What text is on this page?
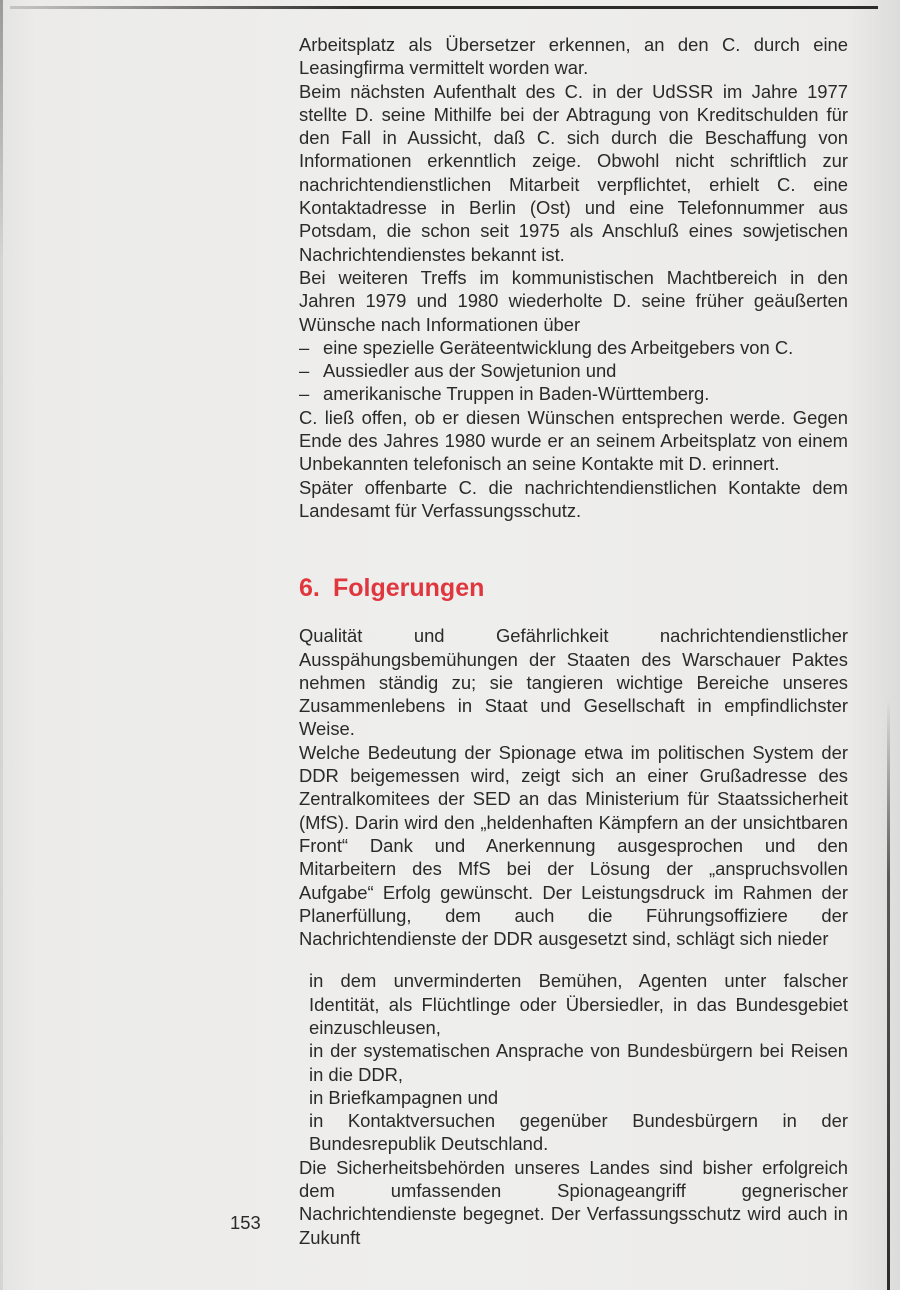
Arbeitsplatz als Übersetzer erkennen, an den C. durch eine Leasingfirma vermittelt worden war.

Beim nächsten Aufenthalt des C. in der UdSSR im Jahre 1977 stellte D. seine Mithilfe bei der Abtragung von Kreditschulden für den Fall in Aussicht, daß C. sich durch die Beschaffung von Informationen erkenntlich zeige. Obwohl nicht schriftlich zur nachrichtendienstlichen Mitarbeit verpflichtet, erhielt C. eine Kontaktadresse in Berlin (Ost) und eine Telefonnummer aus Potsdam, die schon seit 1975 als Anschluß eines sowjetischen Nachrichtendienstes bekannt ist.

Bei weiteren Treffs im kommunistischen Machtbereich in den Jahren 1979 und 1980 wiederholte D. seine früher geäußerten Wünsche nach Informationen über

– eine spezielle Geräteentwicklung des Arbeitgebers von C.
– Aussiedler aus der Sowjetunion und
– amerikanische Truppen in Baden-Württemberg.

C. ließ offen, ob er diesen Wünschen entsprechen werde. Gegen Ende des Jahres 1980 wurde er an seinem Arbeitsplatz von einem Unbekannten telefonisch an seine Kontakte mit D. erinnert.

Später offenbarte C. die nachrichtendienstlichen Kontakte dem Landesamt für Verfassungsschutz.

6. Folgerungen

Qualität und Gefährlichkeit nachrichtendienstlicher Ausspähungsbemühungen der Staaten des Warschauer Paktes nehmen ständig zu; sie tangieren wichtige Bereiche unseres Zusammenlebens in Staat und Gesellschaft in empfindlichster Weise.

Welche Bedeutung der Spionage etwa im politischen System der DDR beigemessen wird, zeigt sich an einer Grußadresse des Zentralkomitees der SED an das Ministerium für Staatssicherheit (MfS). Darin wird den „heldenhaften Kämpfern an der unsichtbaren Front“ Dank und Anerkennung ausgesprochen und den Mitarbeitern des MfS bei der Lösung der „anspruchsvollen Aufgabe“ Erfolg gewünscht. Der Leistungsdruck im Rahmen der Planerfüllung, dem auch die Führungsoffiziere der Nachrichtendienste der DDR ausgesetzt sind, schlägt sich nieder

in dem unverminderten Bemühen, Agenten unter falscher Identität, als Flüchtlinge oder Übersiedler, in das Bundesgebiet einzuschleusen,

in der systematischen Ansprache von Bundesbürgern bei Reisen in die DDR,

in Briefkampagnen und

in Kontaktversuchen gegenüber Bundesbürgern in der Bundesrepublik Deutschland.

Die Sicherheitsbehörden unseres Landes sind bisher erfolgreich dem umfassenden Spionageangriff gegnerischer Nachrichtendienste begegnet. Der Verfassungsschutz wird auch in Zukunft

153
